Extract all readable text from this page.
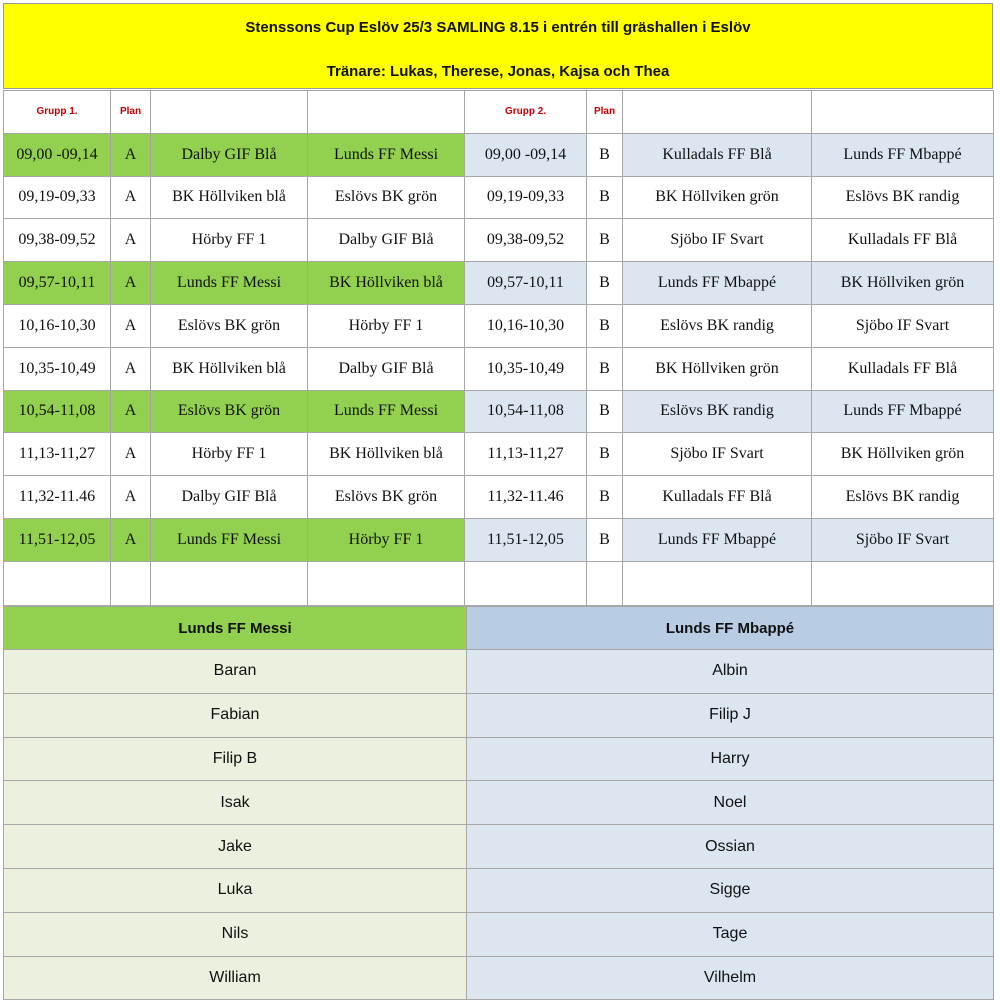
Stenssons Cup Eslöv 25/3 SAMLING 8.15 i entrén till gräshallen i Eslöv
Tränare: Lukas, Therese, Jonas, Kajsa och Thea
Grupp 1.	Plan			Grupp 2.	Plan		
09,00 -09,14	A	Dalby GIF Blå	Lunds FF Messi	09,00 -09,14	B	Kulladals FF Blå	Lunds FF Mbappé
09,19-09,33	A	BK Höllviken blå	Eslövs BK grön	09,19-09,33	B	BK Höllviken grön	Eslövs BK randig
09,38-09,52	A	Hörby FF 1	Dalby GIF Blå	09,38-09,52	B	Sjöbo IF Svart	Kulladals FF Blå
09,57-10,11	A	Lunds FF Messi	BK Höllviken blå	09,57-10,11	B	Lunds FF Mbappé	BK Höllviken grön
10,16-10,30	A	Eslövs BK grön	Hörby FF 1	10,16-10,30	B	Eslövs BK randig	Sjöbo IF Svart
10,35-10,49	A	BK Höllviken blå	Dalby GIF Blå	10,35-10,49	B	BK Höllviken grön	Kulladals FF Blå
10,54-11,08	A	Eslövs BK grön	Lunds FF Messi	10,54-11,08	B	Eslövs BK randig	Lunds FF Mbappé
11,13-11,27	A	Hörby FF 1	BK Höllviken blå	11,13-11,27	B	Sjöbo IF Svart	BK Höllviken grön
11,32-11.46	A	Dalby GIF Blå	Eslövs BK grön	11,32-11.46	B	Kulladals FF Blå	Eslövs BK randig
11,51-12,05	A	Lunds FF Messi	Hörby FF 1	11,51-12,05	B	Lunds FF Mbappé	Sjöbo IF Svart

Lunds FF Messi	Lunds FF Mbappé
Baran	Albin
Fabian	Filip J
Filip B	Harry
Isak	Noel
Jake	Ossian
Luka	Sigge
Nils	Tage
William	Vilhelm
